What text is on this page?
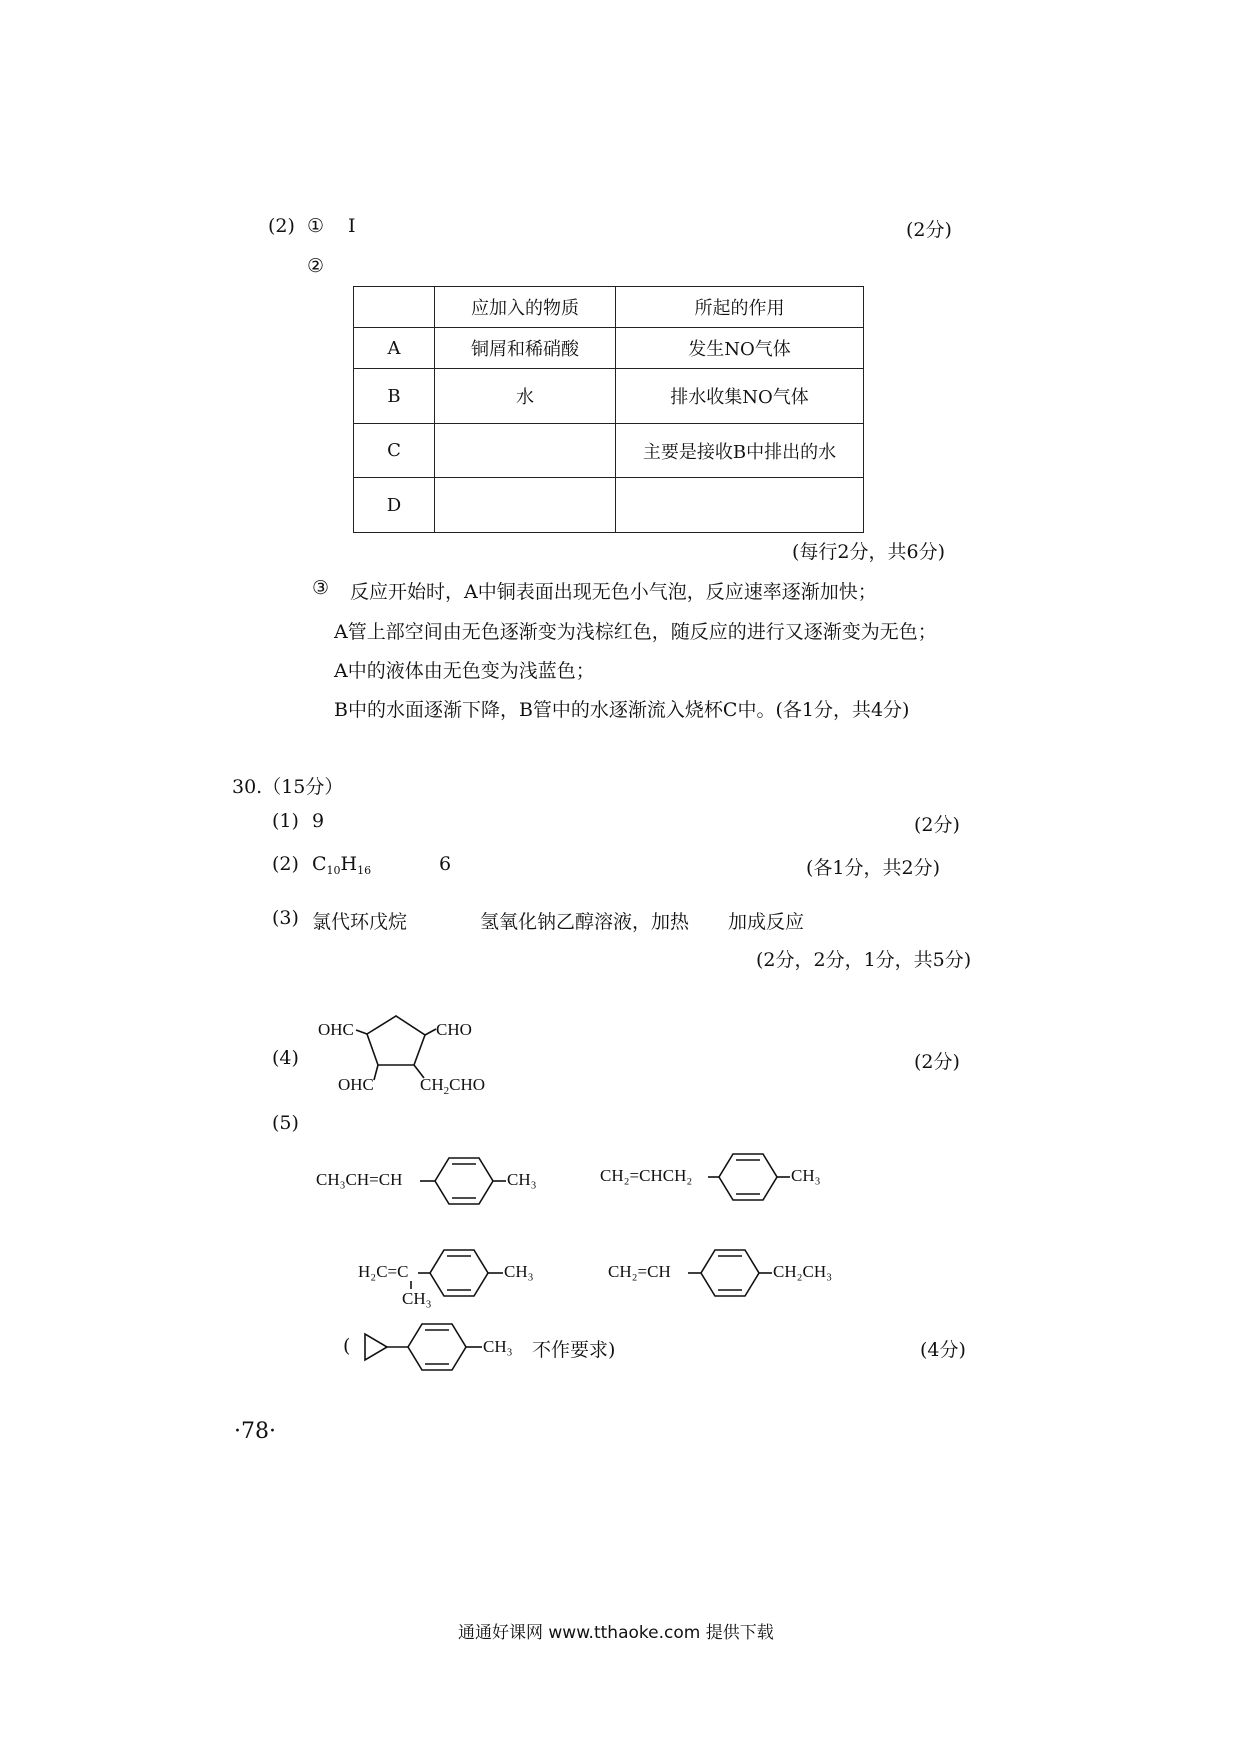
(2) ① I	(2分)
②
	应加入的物质	所起的作用
A	铜屑和稀硝酸	发生NO气体
B	水	排水收集NO气体
C		主要是接收B中排出的水
D		
(每行2分，共6分)
③ 反应开始时，A中铜表面出现无色小气泡，反应速率逐渐加快；
A管上部空间由无色逐渐变为浅棕红色，随反应的进行又逐渐变为无色；
A中的液体由无色变为浅蓝色；
B中的水面逐渐下降，B管中的水逐渐流入烧杯C中。(各1分，共4分)
30.（15分）
(1) 9	(2分)
(2) $C_{10}H_{16}$	6	(各1分，共2分)
(3) 氯代环戊烷	氢氧化钠乙醇溶液，加热 加成反应
(2分，2分，1分，共5分)
(4)	(2分)
OHC	CHO
OHC	$CH_2CHO$
(5)
CH₃CH=CH	CH₃	CH₂=CHCH₂	CH₃
H₂C=C
CH₃
CH₃	CH₂=CH	CH₂CH₃
(	CH₃ 不作要求)	(4分)
·78·
通通好课网 www.tthaoke.com 提供下载
